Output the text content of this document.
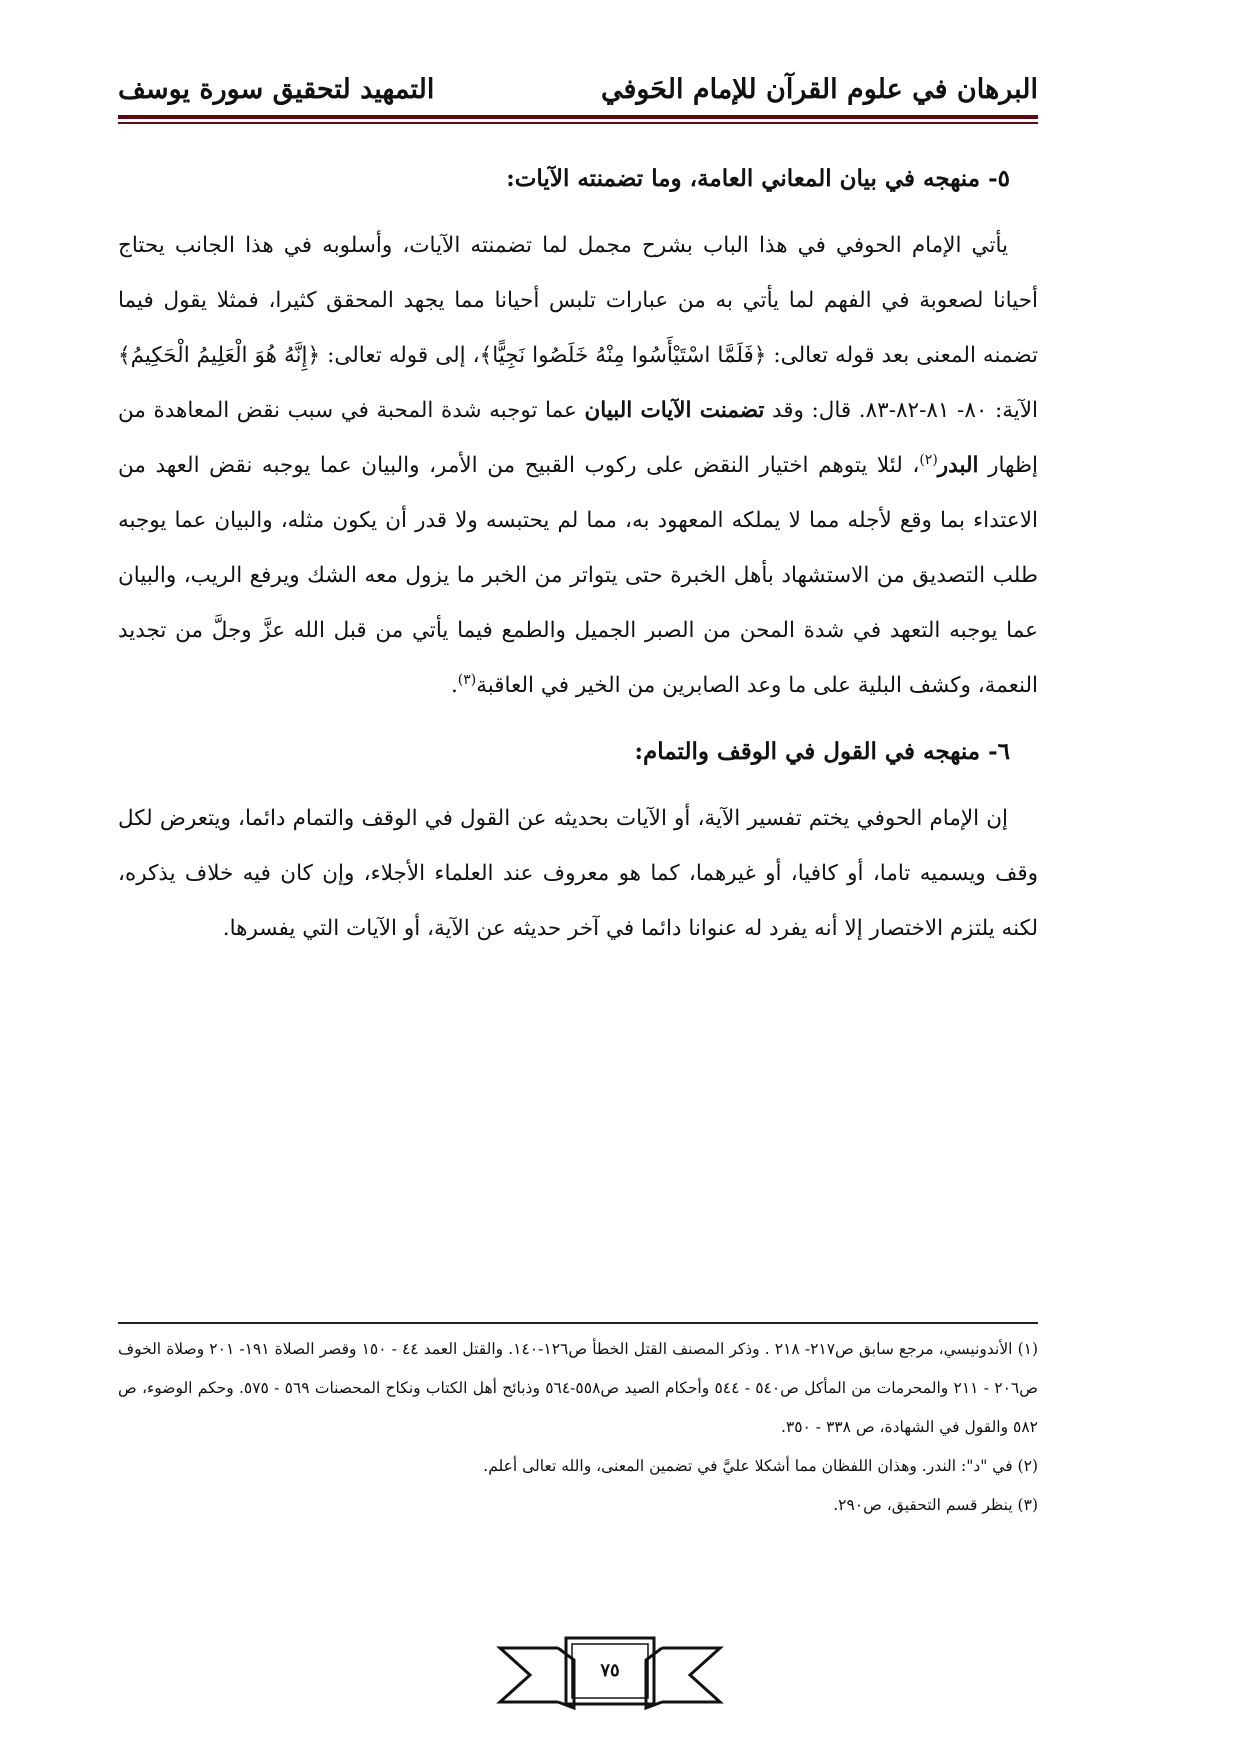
البرهان في علوم القرآن للإمام الحَوفي
التمهيد لتحقيق سورة يوسف

٥- منهجه في بيان المعاني العامة، وما تضمنته الآيات:

يأتي الإمام الحوفي في هذا الباب بشرح مجمل لما تضمنته الآيات، وأسلوبه في هذا الجانب يحتاج أحيانا لصعوبة في الفهم لما يأتي به من عبارات تلبس أحيانا مما يجهد المحقق كثيرا، فمثلا يقول فيما تضمنه المعنى بعد قوله تعالى: ﴿فَلَمَّا اسْتَيْأَسُوا مِنْهُ خَلَصُوا نَجِيًّا﴾، إلى قوله تعالى: ﴿إِنَّهُ هُوَ الْعَلِيمُ الْحَكِيمُ﴾ الآية: ٨٠- ٨١-٨٢-٨٣. قال: وقد تضمنت الآيات البيان عما توجبه شدة المحبة في سبب نقض المعاهدة من إظهار البدر$^{(٢)}$، لئلا يتوهم اختيار النقض على ركوب القبيح من الأمر، والبيان عما يوجبه نقض العهد من الاعتداء بما وقع لأجله مما لا يملكه المعهود به، مما لم يحتبسه ولا قدر أن يكون مثله، والبيان عما يوجبه طلب التصديق من الاستشهاد بأهل الخبرة حتى يتواتر من الخبر ما يزول معه الشك ويرفع الريب، والبيان عما يوجبه التعهد في شدة المحن من الصبر الجميل والطمع فيما يأتي من قبل الله عزَّ وجلَّ من تجديد النعمة، وكشف البلية على ما وعد الصابرين من الخير في العاقبة$^{(٣)}$.

٦- منهجه في القول في الوقف والتمام:

إن الإمام الحوفي يختم تفسير الآية، أو الآيات بحديثه عن القول في الوقف والتمام دائما، ويتعرض لكل وقف ويسميه تاما، أو كافيا، أو غيرهما، كما هو معروف عند العلماء الأجلاء، وإن كان فيه خلاف يذكره، لكنه يلتزم الاختصار إلا أنه يفرد له عنوانا دائما في آخر حديثه عن الآية، أو الآيات التي يفسرها.

(١) الأندونيسي، مرجع سابق ص٢١٧- ٢١٨ . وذكر المصنف القتل الخطأ ص١٢٦-١٤٠. والقتل العمد ٤٤ - ١٥٠ وقصر الصلاة ١٩١- ٢٠١ وصلاة الخوف ص٢٠٦ - ٢١١ والمحرمات من المأكل ص٥٤٠ - ٥٤٤ وأحكام الصيد ص٥٥٨-٥٦٤ وذبائح أهل الكتاب ونكاح المحصنات ٥٦٩ - ٥٧٥. وحكم الوضوء، ص ٥٨٢ والقول في الشهادة، ص ٣٣٨ - ٣٥٠.

(٢) في "د": الندر. وهذان اللفظان مما أشكلا عليَّ في تضمين المعنى، والله تعالى أعلم.

(٣) ينظر قسم التحقيق، ص٢٩٠.

٧٥
